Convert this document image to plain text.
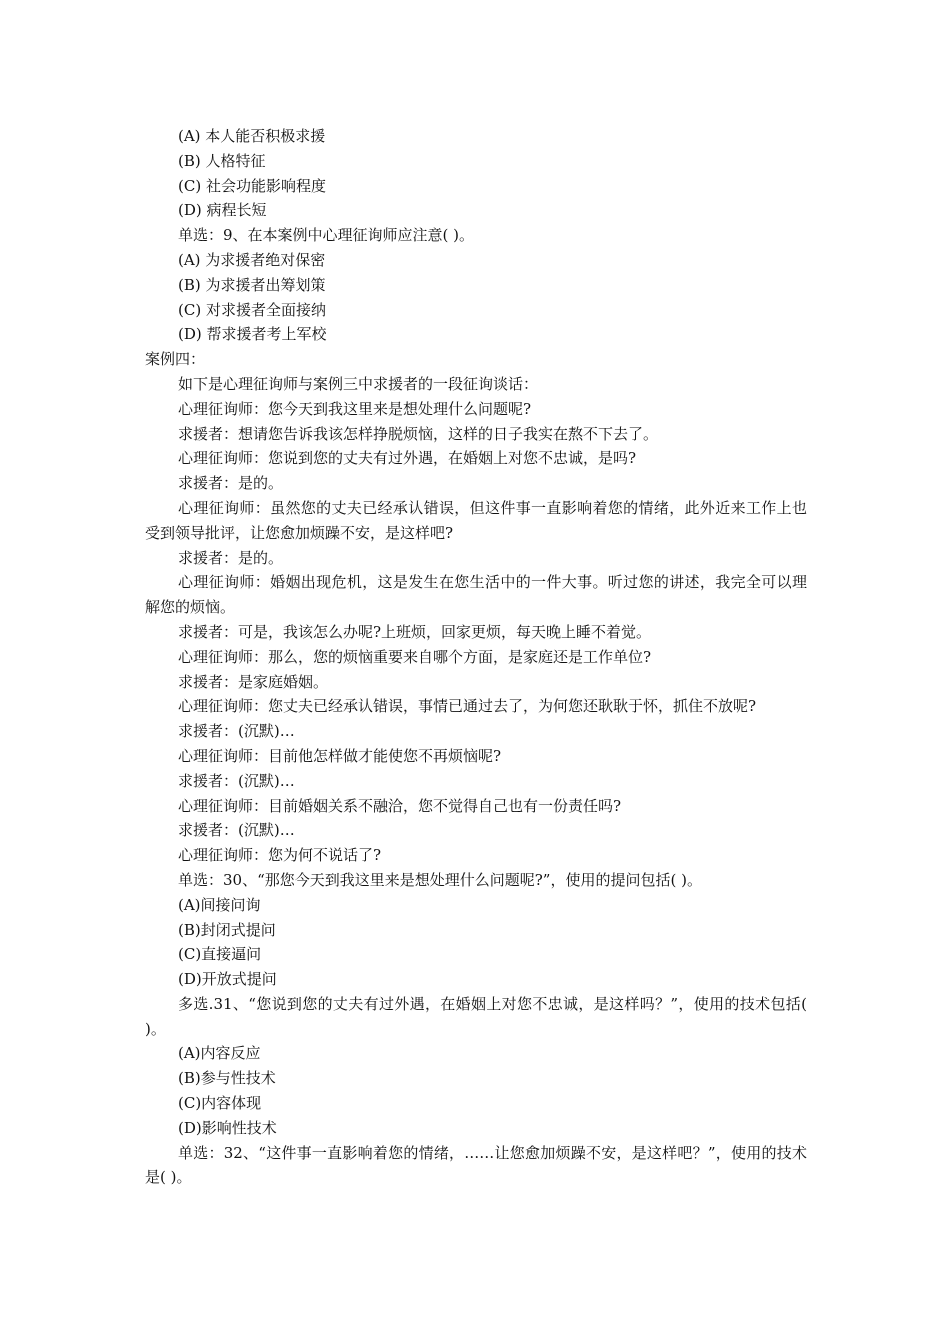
(A) 本人能否积极求援
(B) 人格特征
(C) 社会功能影响程度
(D) 病程长短
单选：9、在本案例中心理征询师应注意( )。
(A) 为求援者绝对保密
(B) 为求援者出筹划策
(C) 对求援者全面接纳
(D) 帮求援者考上军校
案例四：
如下是心理征询师与案例三中求援者的一段征询谈话：
心理征询师：您今天到我这里来是想处理什么问题呢?
求援者：想请您告诉我该怎样挣脱烦恼，这样的日子我实在熬不下去了。
心理征询师：您说到您的丈夫有过外遇，在婚姻上对您不忠诚，是吗?
求援者：是的。
心理征询师：虽然您的丈夫已经承认错误，但这件事一直影响着您的情绪，此外近来工作上也受到领导批评，让您愈加烦躁不安，是这样吧?
求援者：是的。
心理征询师：婚姻出现危机，这是发生在您生活中的一件大事。听过您的讲述，我完全可以理解您的烦恼。
求援者：可是，我该怎么办呢?上班烦，回家更烦，每天晚上睡不着觉。
心理征询师：那么，您的烦恼重要来自哪个方面，是家庭还是工作单位?
求援者：是家庭婚姻。
心理征询师：您丈夫已经承认错误，事情已通过去了，为何您还耿耿于怀，抓住不放呢?
求援者：(沉默)…
心理征询师：目前他怎样做才能使您不再烦恼呢?
求援者：(沉默)…
心理征询师：目前婚姻关系不融洽，您不觉得自己也有一份责任吗?
求援者：(沉默)…
心理征询师：您为何不说话了?
单选：30、“那您今天到我这里来是想处理什么问题呢?”，使用的提问包括( )。
(A)间接问询
(B)封闭式提问
(C)直接逼问
(D)开放式提问
多选.31、“您说到您的丈夫有过外遇，在婚姻上对您不忠诚，是这样吗？”，使用的技术包括( )。
(A)内容反应
(B)参与性技术
(C)内容体现
(D)影响性技术
单选：32、“这件事一直影响着您的情绪，……让您愈加烦躁不安，是这样吧？”，使用的技术是( )。
